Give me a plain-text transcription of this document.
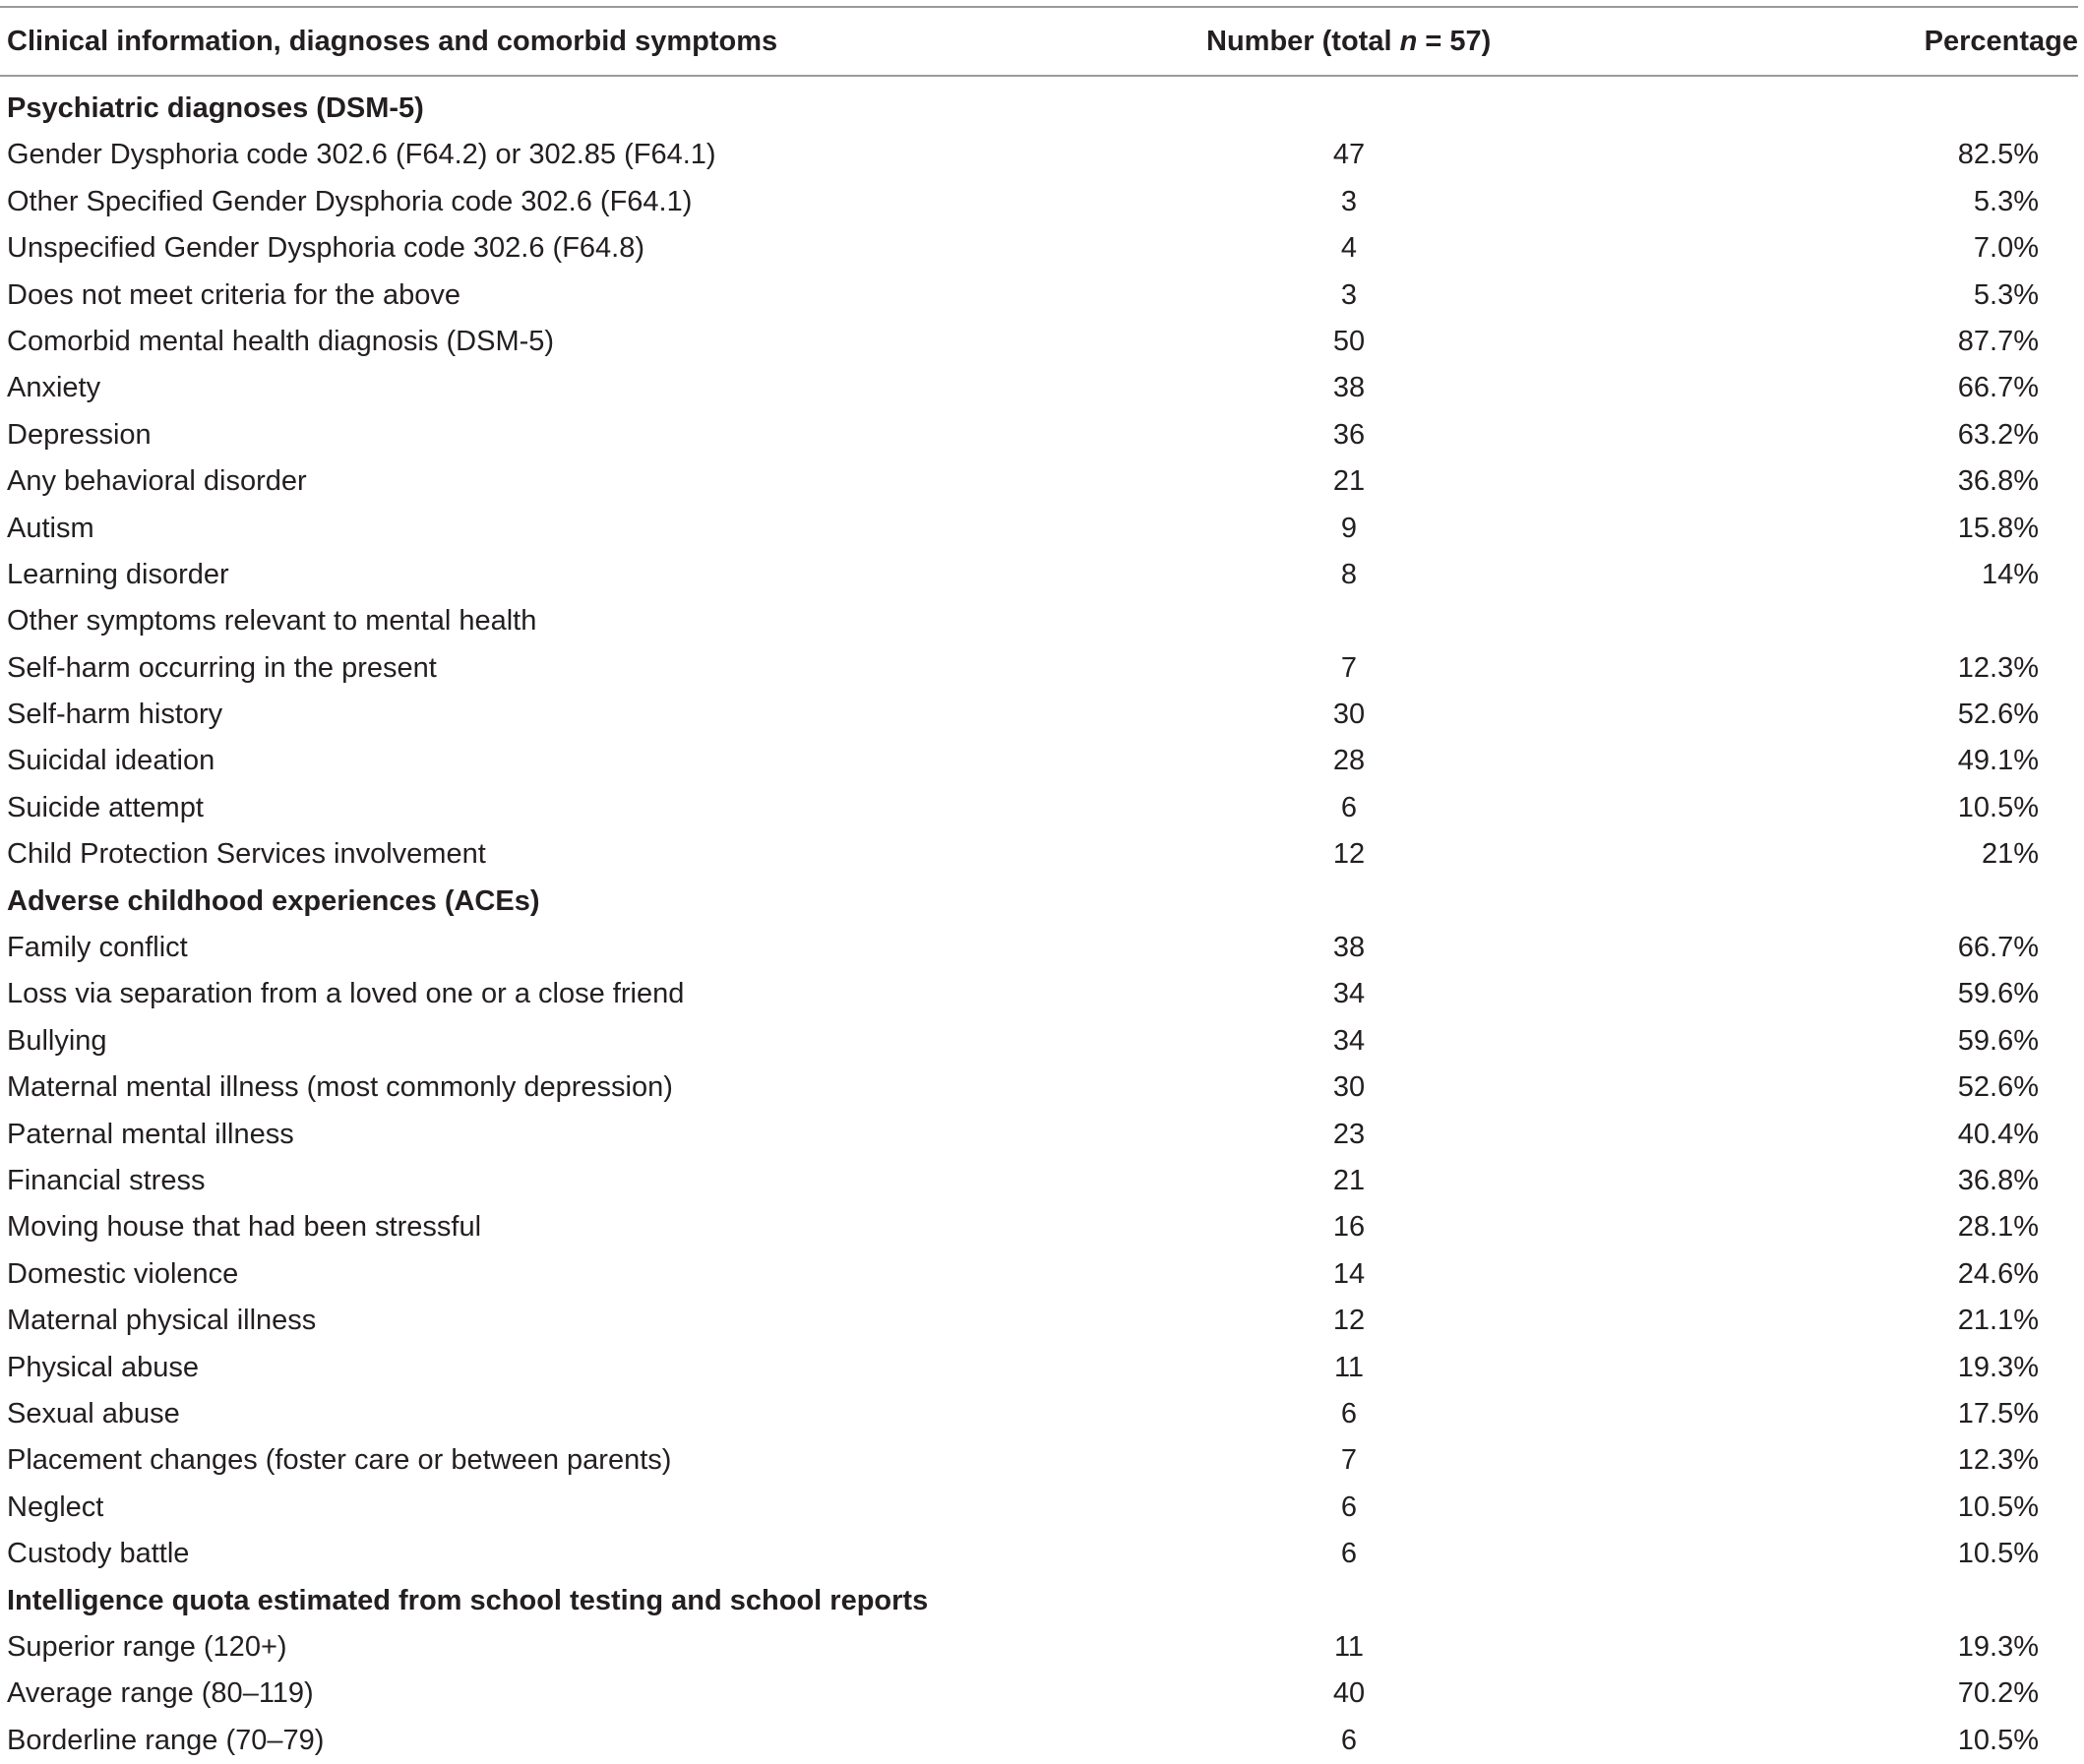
Clinical information, diagnoses and comorbid symptoms	Number (total n = 57)	Percentage
Psychiatric diagnoses (DSM-5)
Gender Dysphoria code 302.6 (F64.2) or 302.85 (F64.1)	47	82.5%
Other Specified Gender Dysphoria code 302.6 (F64.1)	3	5.3%
Unspecified Gender Dysphoria code 302.6 (F64.8)	4	7.0%
Does not meet criteria for the above	3	5.3%
Comorbid mental health diagnosis (DSM-5)	50	87.7%
Anxiety	38	66.7%
Depression	36	63.2%
Any behavioral disorder	21	36.8%
Autism	9	15.8%
Learning disorder	8	14%
Other symptoms relevant to mental health
Self-harm occurring in the present	7	12.3%
Self-harm history	30	52.6%
Suicidal ideation	28	49.1%
Suicide attempt	6	10.5%
Child Protection Services involvement	12	21%
Adverse childhood experiences (ACEs)
Family conflict	38	66.7%
Loss via separation from a loved one or a close friend	34	59.6%
Bullying	34	59.6%
Maternal mental illness (most commonly depression)	30	52.6%
Paternal mental illness	23	40.4%
Financial stress	21	36.8%
Moving house that had been stressful	16	28.1%
Domestic violence	14	24.6%
Maternal physical illness	12	21.1%
Physical abuse	11	19.3%
Sexual abuse	6	17.5%
Placement changes (foster care or between parents)	7	12.3%
Neglect	6	10.5%
Custody battle	6	10.5%
Intelligence quota estimated from school testing and school reports
Superior range (120+)	11	19.3%
Average range (80–119)	40	70.2%
Borderline range (70–79)	6	10.5%
